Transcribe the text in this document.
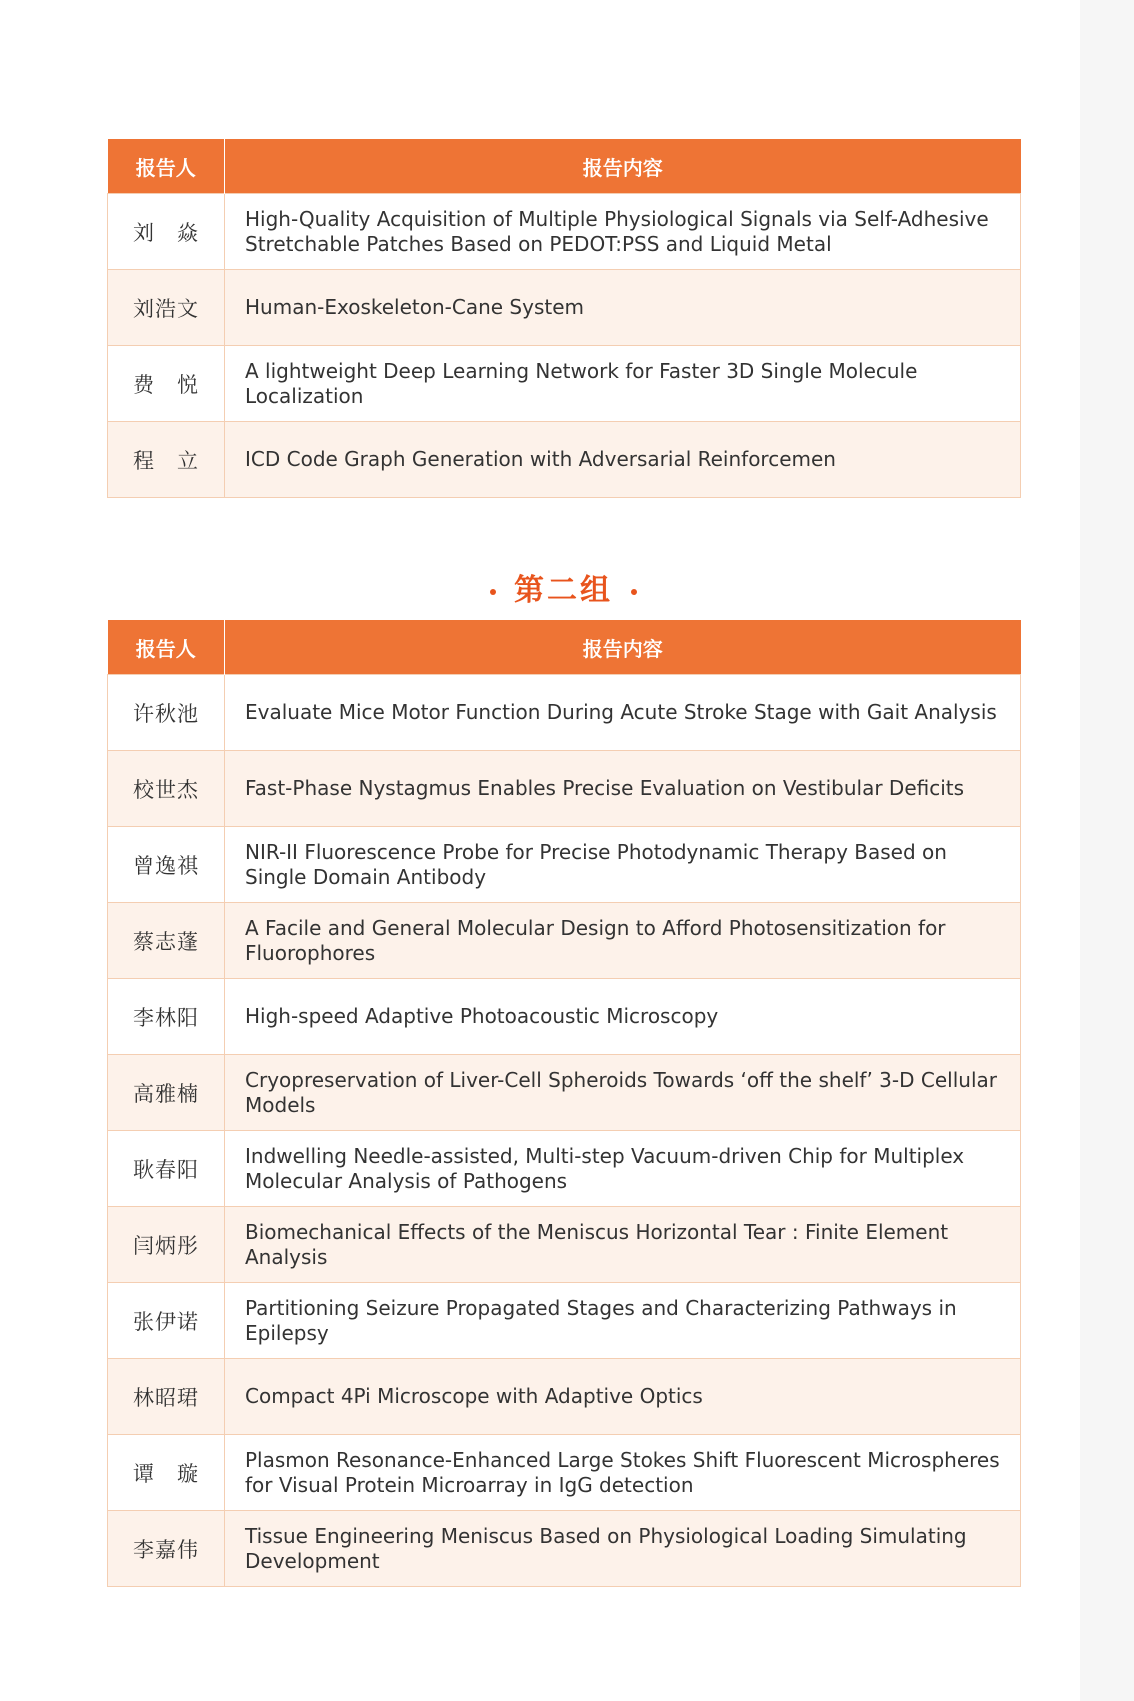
报告人	报告内容
刘　焱	High-Quality Acquisition of Multiple Physiological Signals via Self-Adhesive Stretchable Patches Based on PEDOT:PSS and Liquid Metal
刘浩文	Human-Exoskeleton-Cane System
费　悦	A lightweight Deep Learning Network for Faster 3D Single Molecule Localization
程　立	ICD Code Graph Generation with Adversarial Reinforcemen
第二组
报告人	报告内容
许秋池	Evaluate Mice Motor Function During Acute Stroke Stage with Gait Analysis
校世杰	Fast-Phase Nystagmus Enables Precise Evaluation on Vestibular Deficits
曾逸祺	NIR-II Fluorescence Probe for Precise Photodynamic Therapy Based on Single Domain Antibody
蔡志蓬	A Facile and General Molecular Design to Afford Photosensitization for Fluorophores
李林阳	High-speed Adaptive Photoacoustic Microscopy
高雅楠	Cryopreservation of Liver-Cell Spheroids Towards ‘off the shelf’ 3-D Cellular Models
耿春阳	Indwelling Needle-assisted, Multi-step Vacuum-driven Chip for Multiplex Molecular Analysis of Pathogens
闫炳彤	Biomechanical Effects of the Meniscus Horizontal Tear : Finite Element Analysis
张伊诺	Partitioning Seizure Propagated Stages and Characterizing Pathways in Epilepsy
林昭珺	Compact 4Pi Microscope with Adaptive Optics
谭　璇	Plasmon Resonance-Enhanced Large Stokes Shift Fluorescent Microspheres for Visual Protein Microarray in IgG detection
李嘉伟	Tissue Engineering Meniscus Based on Physiological Loading Simulating Development
